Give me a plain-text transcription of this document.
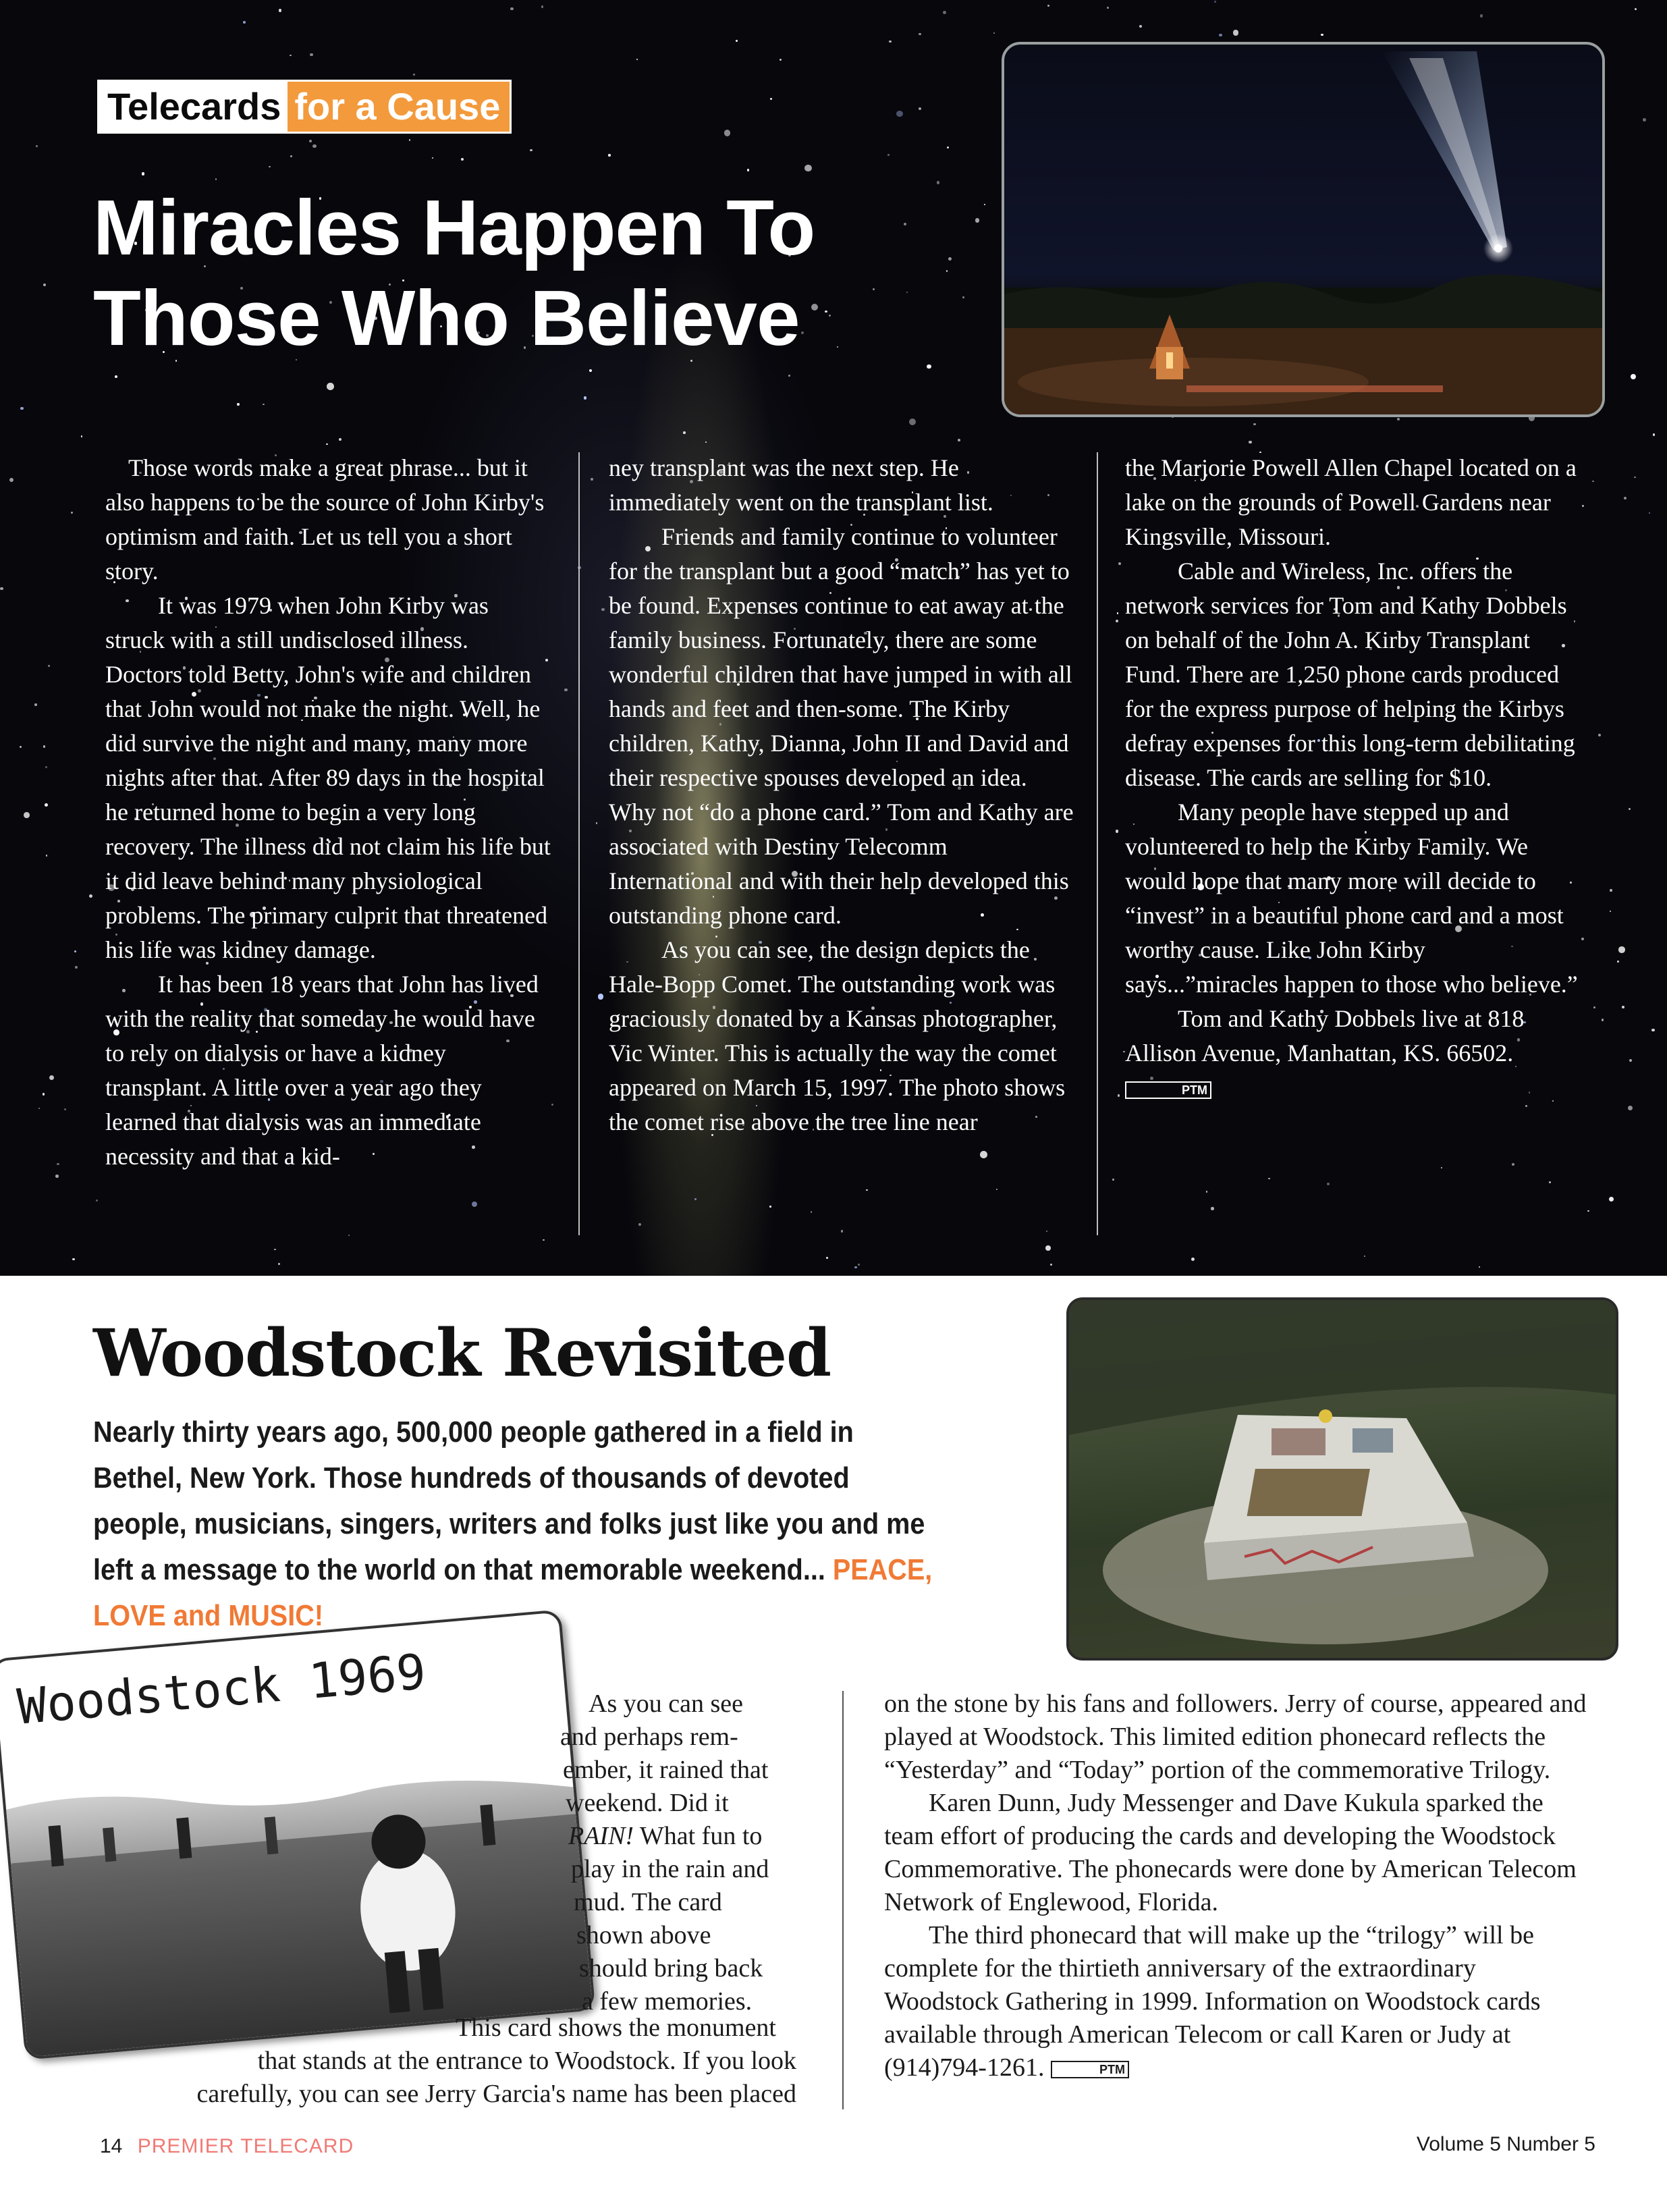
Telecards for a Cause
Miracles Happen To Those Who Believe

Those words make a great phrase... but it also happens to be the source of John Kirby's optimism and faith. Let us tell you a short story.

It was 1979 when John Kirby was struck with a still undisclosed illness. Doctors told Betty, John's wife and children that John would not make the night. Well, he did survive the night and many, many more nights after that. After 89 days in the hospital he returned home to begin a very long recovery. The illness did not claim his life but it did leave behind many physiological problems. The primary culprit that threatened his life was kidney damage.

It has been 18 years that John has lived with the reality that someday he would have to rely on dialysis or have a kidney transplant. A little over a year ago they learned that dialysis was an immediate necessity and that a kid-

ney transplant was the next step. He immediately went on the transplant list.

Friends and family continue to volunteer for the transplant but a good “match” has yet to be found. Expenses continue to eat away at the family business. Fortunately, there are some wonderful children that have jumped in with all hands and feet and then-some. The Kirby children, Kathy, Dianna, John II and David and their respective spouses developed an idea. Why not “do a phone card.” Tom and Kathy are associated with Destiny Telecomm International and with their help developed this outstanding phone card.

As you can see, the design depicts the Hale-Bopp Comet. The outstanding work was graciously donated by a Kansas photographer, Vic Winter. This is actually the way the comet appeared on March 15, 1997. The photo shows the comet rise above the tree line near

the Marjorie Powell Allen Chapel located on a lake on the grounds of Powell Gardens near Kingsville, Missouri.

Cable and Wireless, Inc. offers the network services for Tom and Kathy Dobbels on behalf of the John A. Kirby Transplant Fund. There are 1,250 phone cards produced for the express purpose of helping the Kirbys defray expenses for this long-term debilitating disease. The cards are selling for $10.

Many people have stepped up and volunteered to help the Kirby Family. We would hope that many more will decide to “invest” in a beautiful phone card and a most worthy cause. Like John Kirby says...”miracles happen to those who believe.”

Tom and Kathy Dobbels live at 818 Allison Avenue, Manhattan, KS. 66502. PTM

Woodstock Revisited
Nearly thirty years ago, 500,000 people gathered in a field in Bethel, New York. Those hundreds of thousands of devoted people, musicians, singers, writers and folks just like you and me left a message to the world on that memorable weekend... PEACE, LOVE and MUSIC!
Woodstock 1969	As you can see

and perhaps rem-

ember, it rained that

weekend. Did it

RAIN! What fun to

play in the rain and

mud. The card

shown above

should bring back

a few memories.

This card shows the monument
that stands at the entrance to Woodstock. If you look
carefully, you can see Jerry Garcia's name has been placed

on the stone by his fans and followers. Jerry of course, appeared and played at Woodstock. This limited edition phonecard reflects the “Yesterday” and “Today” portion of the commemorative Trilogy.

Karen Dunn, Judy Messenger and Dave Kukula sparked the team effort of producing the cards and developing the Woodstock Commemorative. The phonecards were done by American Telecom Network of Englewood, Florida.

The third phonecard that will make up the “trilogy” will be complete for the thirtieth anniversary of the extraordinary Woodstock Gathering in 1999. Information on Woodstock cards available through American Telecom or call Karen or Judy at (914)794-1261.	PTM

14 PREMIER TELECARD	Volume 5 Number 5
